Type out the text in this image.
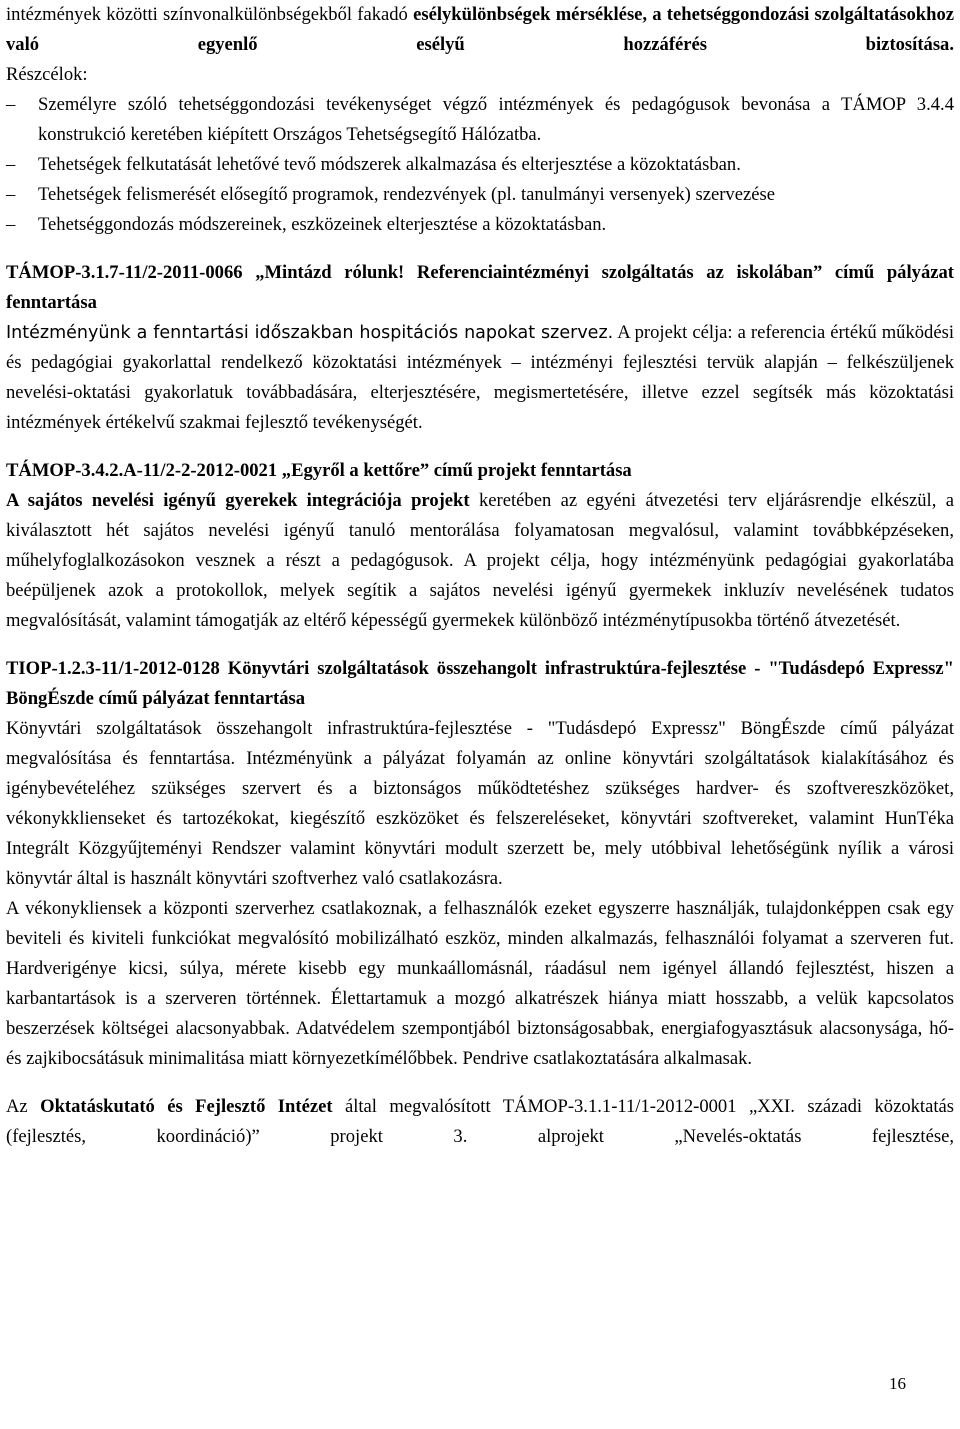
intézmények közötti színvonalkülönbségekből fakadó esélykülönbségek mérséklése, a tehetséggondozási szolgáltatásokhoz való egyenlő esélyű hozzáférés biztosítása.

Részcélok:

–	Személyre szóló tehetséggondozási tevékenységet végző intézmények és pedagógusok bevonása a TÁMOP 3.4.4 konstrukció keretében kiépített Országos Tehetségsegítő Hálózatba.
–	Tehetségek felkutatását lehetővé tevő módszerek alkalmazása és elterjesztése a közoktatásban.
–	Tehetségek felismerését elősegítő programok, rendezvények (pl. tanulmányi versenyek) szervezése
–	Tehetséggondozás módszereinek, eszközeinek elterjesztése a közoktatásban.

TÁMOP-3.1.7-11/2-2011-0066 „Mintázd rólunk! Referenciaintézményi szolgáltatás az iskolában” című pályázat fenntartása

Intézményünk a fenntartási időszakban hospitációs napokat szervez. A projekt célja: a referencia értékű működési és pedagógiai gyakorlattal rendelkező közoktatási intézmények – intézményi fejlesztési tervük alapján – felkészüljenek nevelési-oktatási gyakorlatuk továbbadására, elterjesztésére, megismertetésére, illetve ezzel segítsék más közoktatási intézmények értékelvű szakmai fejlesztő tevékenységét.

TÁMOP-3.4.2.A-11/2-2-2012-0021 „Egyről a kettőre” című projekt fenntartása

A sajátos nevelési igényű gyerekek integrációja projekt keretében az egyéni átvezetési terv eljárásrendje elkészül, a kiválasztott hét sajátos nevelési igényű tanuló mentorálása folyamatosan megvalósul, valamint továbbképzéseken, műhelyfoglalkozásokon vesznek a részt a pedagógusok. A projekt célja, hogy intézményünk pedagógiai gyakorlatába beépüljenek azok a protokollok, melyek segítik a sajátos nevelési igényű gyermekek inkluzív nevelésének tudatos megvalósítását, valamint támogatják az eltérő képességű gyermekek különböző intézménytípusokba történő átvezetését.

TIOP-1.2.3-11/1-2012-0128 Könyvtári szolgáltatások összehangolt infrastruktúra-fejlesztése - "Tudásdepó Expressz" BöngÉszde című pályázat fenntartása

Könyvtári szolgáltatások összehangolt infrastruktúra-fejlesztése - "Tudásdepó Expressz" BöngÉszde című pályázat megvalósítása és fenntartása. Intézményünk a pályázat folyamán az online könyvtári szolgáltatások kialakításához és igénybevételéhez szükséges szervert és a biztonságos működtetéshez szükséges hardver- és szoftvereszközöket, vékonykklienseket és tartozékokat, kiegészítő eszközöket és felszereléseket, könyvtári szoftvereket, valamint HunTéka Integrált Közgyűjteményi Rendszer valamint könyvtári modult szerzett be, mely utóbbival lehetőségünk nyílik a városi könyvtár által is használt könyvtári szoftverhez való csatlakozásra.

A vékonykliensek a központi szerverhez csatlakoznak, a felhasználók ezeket egyszerre használják, tulajdonképpen csak egy beviteli és kiviteli funkciókat megvalósító mobilizálható eszköz, minden alkalmazás, felhasználói folyamat a szerveren fut. Hardverigénye kicsi, súlya, mérete kisebb egy munkaállomásnál, ráadásul nem igényel állandó fejlesztést, hiszen a karbantartások is a szerveren történnek. Élettartamuk a mozgó alkatrészek hiánya miatt hosszabb, a velük kapcsolatos beszerzések költségei alacsonyabbak. Adatvédelem szempontjából biztonságosabbak, energiafogyasztásuk alacsonysága, hő- és zajkibocsátásuk minimalitása miatt környezetkímélőbbek. Pendrive csatlakoztatására alkalmasak.

Az Oktatáskutató és Fejlesztő Intézet által megvalósított TÁMOP-3.1.1-11/1-2012-0001 „XXI. századi közoktatás (fejlesztés, koordináció)” projekt 3. alprojekt „Nevelés-oktatás fejlesztése,

16
